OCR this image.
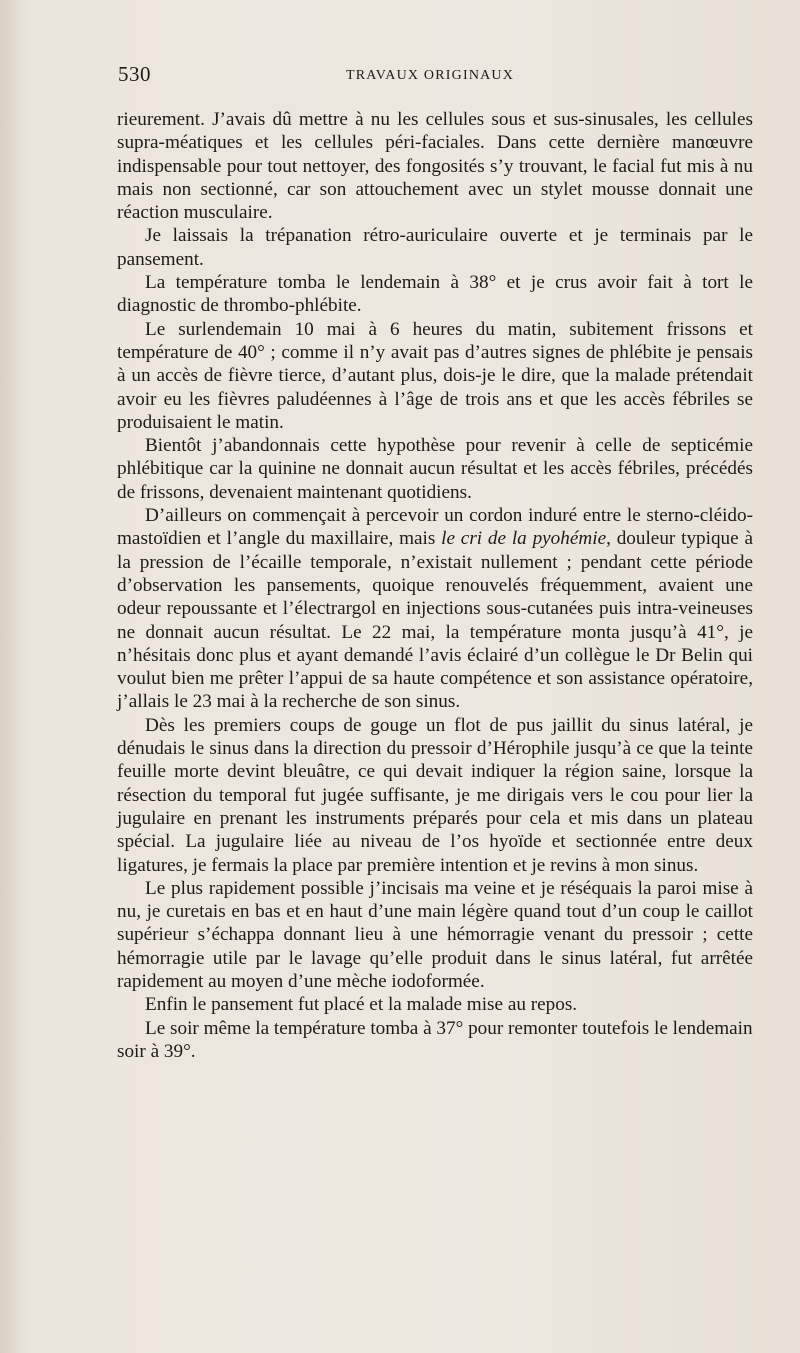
530	TRAVAUX ORIGINAUX

rieurement. J’avais dû mettre à nu les cellules sous et sus-sinusales, les cellules supra-méatiques et les cellules péri-faciales. Dans cette dernière manœuvre indispensable pour tout nettoyer, des fongosités s’y trouvant, le facial fut mis à nu mais non sectionné, car son attouchement avec un stylet mousse donnait une réaction musculaire.

Je laissais la trépanation rétro-auriculaire ouverte et je terminais par le pansement.

La température tomba le lendemain à 38° et je crus avoir fait à tort le diagnostic de thrombo-phlébite.

Le surlendemain 10 mai à 6 heures du matin, subitement frissons et température de 40° ; comme il n’y avait pas d’autres signes de phlébite je pensais à un accès de fièvre tierce, d’autant plus, dois-je le dire, que la malade prétendait avoir eu les fièvres paludéennes à l’âge de trois ans et que les accès fébriles se produisaient le matin.

Bientôt j’abandonnais cette hypothèse pour revenir à celle de septicémie phlébitique car la quinine ne donnait aucun résultat et les accès fébriles, précédés de frissons, devenaient maintenant quotidiens.

D’ailleurs on commençait à percevoir un cordon induré entre le sterno-cléido-mastoïdien et l’angle du maxillaire, mais le cri de la pyohémie, douleur typique à la pression de l’écaille temporale, n’existait nullement ; pendant cette période d’observation les pansements, quoique renouvelés fréquemment, avaient une odeur repoussante et l’électrargol en injections sous-cutanées puis intra-veineuses ne donnait aucun résultat. Le 22 mai, la température monta jusqu’à 41°, je n’hésitais donc plus et ayant demandé l’avis éclairé d’un collègue le Dr Belin qui voulut bien me prêter l’appui de sa haute compétence et son assistance opératoire, j’allais le 23 mai à la recherche de son sinus.

Dès les premiers coups de gouge un flot de pus jaillit du sinus latéral, je dénudais le sinus dans la direction du pressoir d’Hérophile jusqu’à ce que la teinte feuille morte devint bleuâtre, ce qui devait indiquer la région saine, lorsque la résection du temporal fut jugée suffisante, je me dirigais vers le cou pour lier la jugulaire en prenant les instruments préparés pour cela et mis dans un plateau spécial. La jugulaire liée au niveau de l’os hyoïde et sectionnée entre deux ligatures, je fermais la place par première intention et je revins à mon sinus.

Le plus rapidement possible j’incisais ma veine et je réséquais la paroi mise à nu, je curetais en bas et en haut d’une main légère quand tout d’un coup le caillot supérieur s’échappa donnant lieu à une hémorragie venant du pressoir ; cette hémorragie utile par le lavage qu’elle produit dans le sinus latéral, fut arrêtée rapidement au moyen d’une mèche iodoformée.

Enfin le pansement fut placé et la malade mise au repos.

Le soir même la température tomba à 37° pour remonter toutefois le lendemain soir à 39°.
